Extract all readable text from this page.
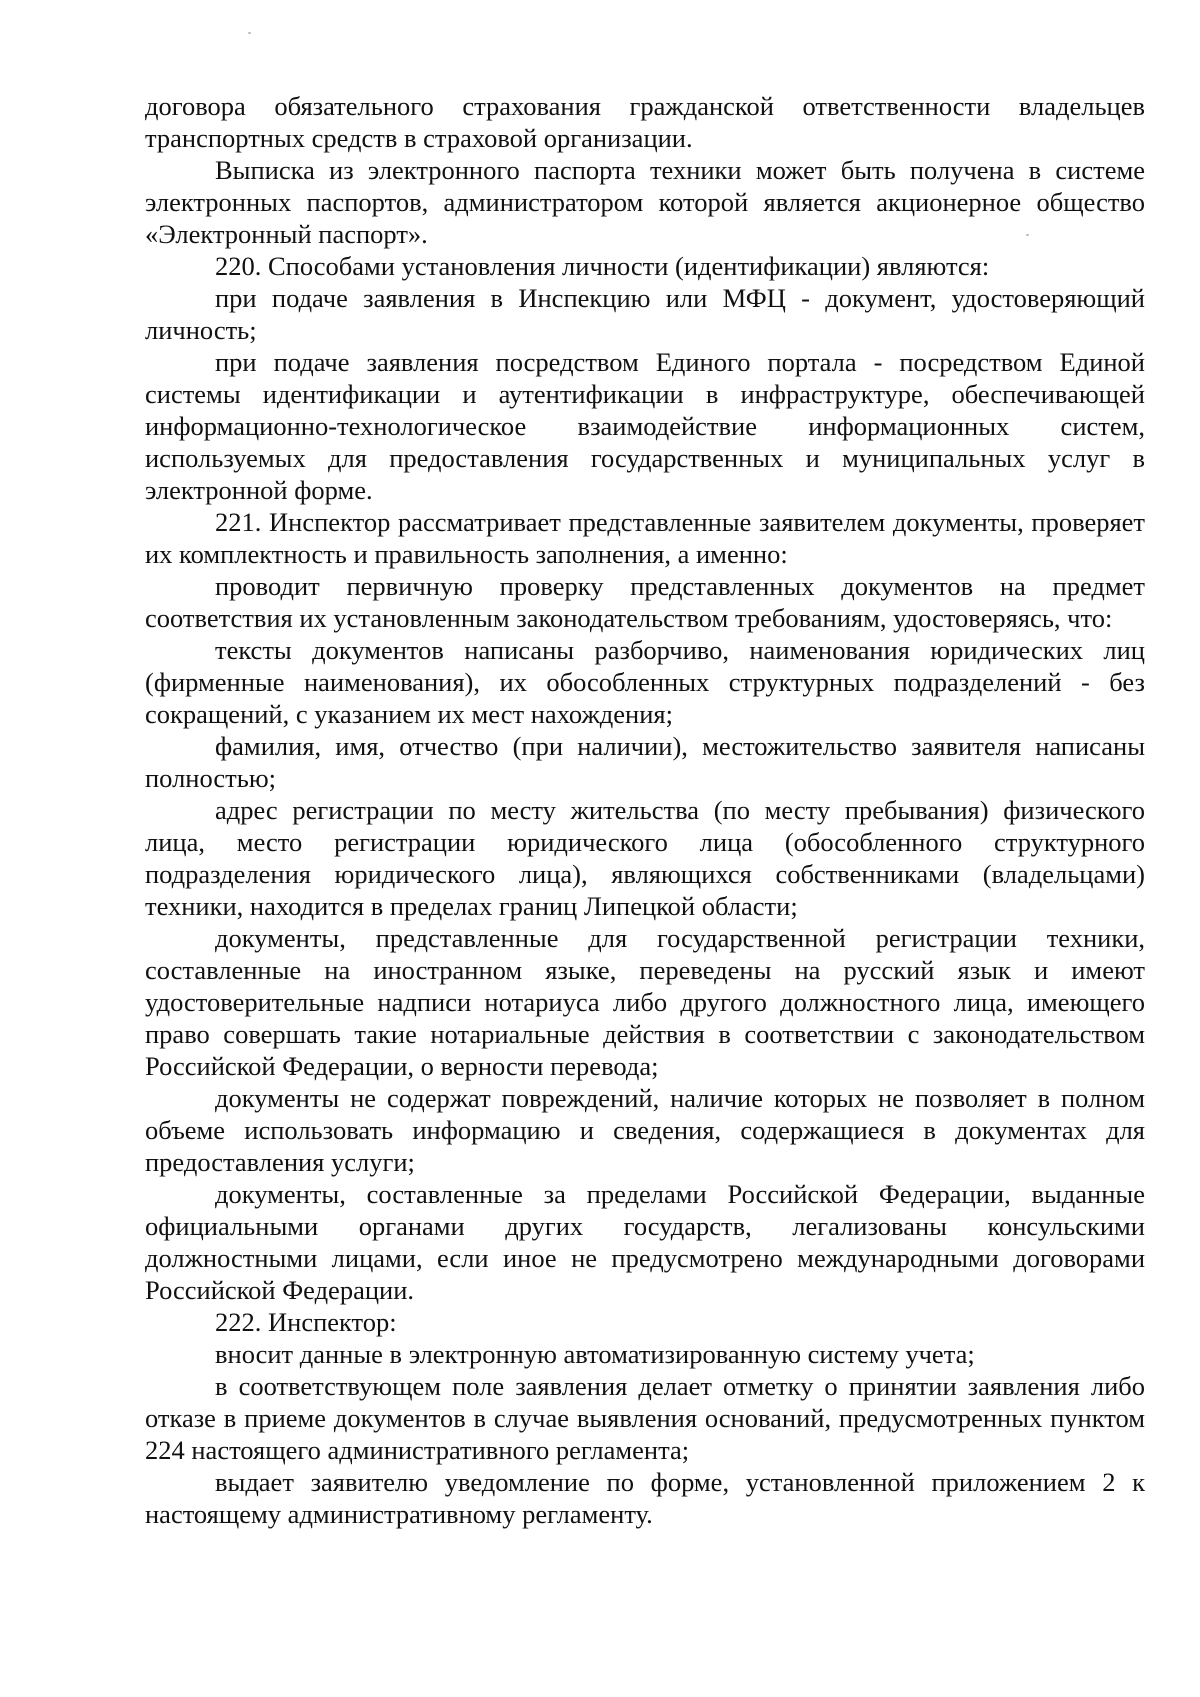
договора обязательного страхования гражданской ответственности владельцев транспортных средств в страховой организации.

Выписка из электронного паспорта техники может быть получена в системе электронных паспортов, администратором которой является акционерное общество «Электронный паспорт».

220. Способами установления личности (идентификации) являются:

при подаче заявления в Инспекцию или МФЦ - документ, удостоверяющий личность;

при подаче заявления посредством Единого портала - посредством Единой системы идентификации и аутентификации в инфраструктуре, обеспечивающей информационно-технологическое взаимодействие информационных систем, используемых для предоставления государственных и муниципальных услуг в электронной форме.

221. Инспектор рассматривает представленные заявителем документы, проверяет их комплектность и правильность заполнения, а именно:

проводит первичную проверку представленных документов на предмет соответствия их установленным законодательством требованиям, удостоверяясь, что:

тексты документов написаны разборчиво, наименования юридических лиц (фирменные наименования), их обособленных структурных подразделений - без сокращений, с указанием их мест нахождения;

фамилия, имя, отчество (при наличии), местожительство заявителя написаны полностью;

адрес регистрации по месту жительства (по месту пребывания) физического лица, место регистрации юридического лица (обособленного структурного подразделения юридического лица), являющихся собственниками (владельцами) техники, находится в пределах границ Липецкой области;

документы, представленные для государственной регистрации техники, составленные на иностранном языке, переведены на русский язык и имеют удостоверительные надписи нотариуса либо другого должностного лица, имеющего право совершать такие нотариальные действия в соответствии с законодательством Российской Федерации, о верности перевода;

документы не содержат повреждений, наличие которых не позволяет в полном объеме использовать информацию и сведения, содержащиеся в документах для предоставления услуги;

документы, составленные за пределами Российской Федерации, выданные официальными органами других государств, легализованы консульскими должностными лицами, если иное не предусмотрено международными договорами Российской Федерации.

222. Инспектор:

вносит данные в электронную автоматизированную систему учета;

в соответствующем поле заявления делает отметку о принятии заявления либо отказе в приеме документов в случае выявления оснований, предусмотренных пунктом 224 настоящего административного регламента;

выдает заявителю уведомление по форме, установленной приложением 2 к настоящему административному регламенту.
